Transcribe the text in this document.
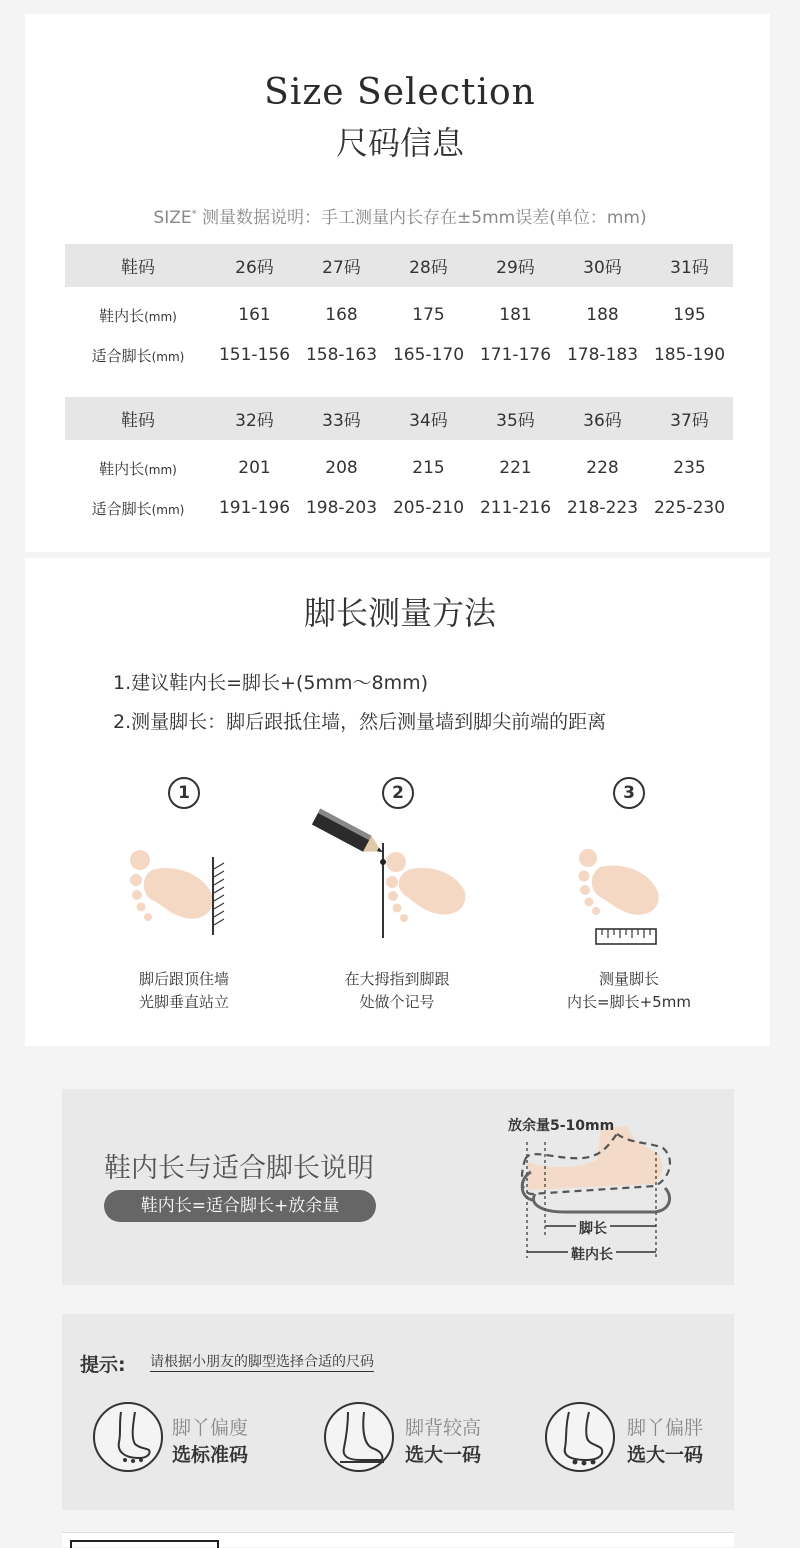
Size Selection
尺码信息
SIZE* 测量数据说明：手工测量内长存在±5mm误差(单位：mm)
鞋码	26码	27码	28码	29码	30码	31码

鞋内长(mm)	161	168	175	181	188	195
适合脚长(mm)	151-156	158-163	165-170	171-176	178-183	185-190
鞋码	32码	33码	34码	35码	36码	37码

鞋内长(mm)	201	208	215	221	228	235
适合脚长(mm)	191-196	198-203	205-210	211-216	218-223	225-230
脚长测量方法
1.建议鞋内长=脚长+(5mm～8mm)
2.测量脚长：脚后跟抵住墙，然后测量墙到脚尖前端的距离
1	2	3
脚后跟顶住墙
光脚垂直站立
在大拇指到脚跟
处做个记号
测量脚长
内长=脚长+5mm
鞋内长与适合脚长说明
鞋内长=适合脚长+放余量
放余量5-10mm
脚长
鞋内长
提示: 请根据小朋友的脚型选择合适的尺码
脚丫偏廋
选标准码
脚背较高
选大一码
脚丫偏胖
选大一码
